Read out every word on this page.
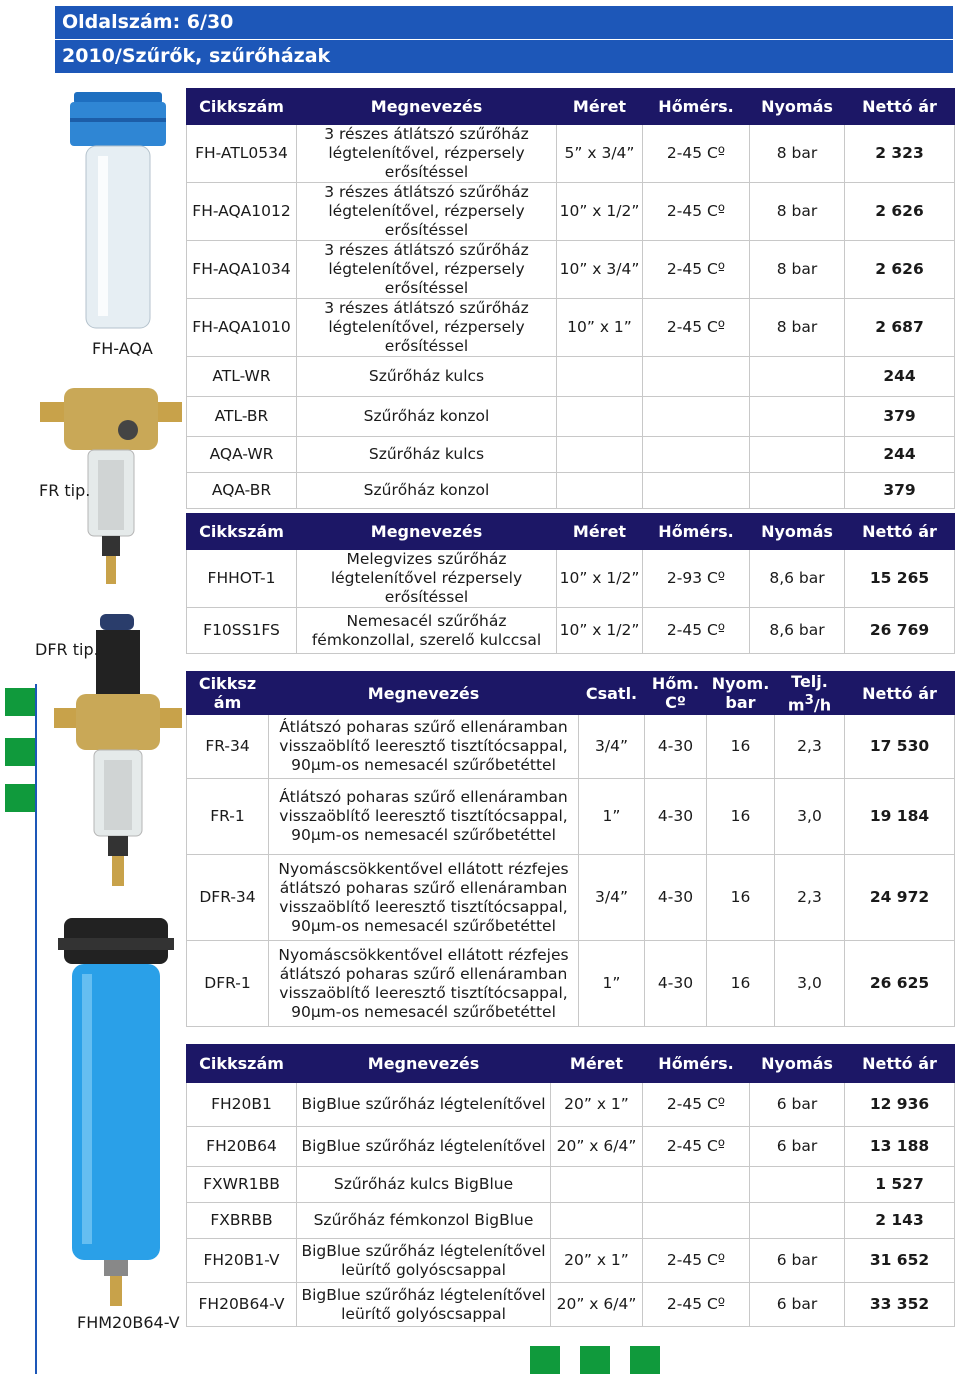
Oldalszám: 6/30
2010/Szűrők, szűrőházak
FH-AQA
FR tip.
DFR tip.
FHM20B64-V
Cikkszám	Megnevezés	Méret	Hőmérs.	Nyomás	Nettó ár
FH-ATL0534	3 részes átlátszó szűrőház légtelenítővel, rézpersely erősítéssel	5” x 3/4”	2-45 Cº	8 bar	2 323
FH-AQA1012	3 részes átlátszó szűrőház légtelenítővel, rézpersely erősítéssel	10” x 1/2”	2-45 Cº	8 bar	2 626
FH-AQA1034	3 részes átlátszó szűrőház légtelenítővel, rézpersely erősítéssel	10” x 3/4”	2-45 Cº	8 bar	2 626
FH-AQA1010	3 részes átlátszó szűrőház légtelenítővel, rézpersely erősítéssel	10” x 1”	2-45 Cº	8 bar	2 687
ATL-WR	Szűrőház kulcs				244
ATL-BR	Szűrőház konzol				379
AQA-WR	Szűrőház kulcs				244
AQA-BR	Szűrőház konzol				379
Cikkszám	Megnevezés	Méret	Hőmérs.	Nyomás	Nettó ár
FHHOT-1	Melegvizes szűrőház légtelenítővel rézpersely erősítéssel	10” x 1/2”	2-93 Cº	8,6 bar	15 265
F10SS1FS	Nemesacél szűrőház fémkonzollal, szerelő kulccsal	10” x 1/2”	2-45 Cº	8,6 bar	26 769
Cikksz ám	Megnevezés	Csatl.	Hőm. Cº	Nyom. bar	Telj. $m^3/h$	Nettó ár
FR-34	Átlátszó poharas szűrő ellenáramban visszaöblítő leeresztő tisztítócsappal, 90µm-os nemesacél szűrőbetéttel	3/4”	4-30	16	2,3	17 530
FR-1	Átlátszó poharas szűrő ellenáramban visszaöblítő leeresztő tisztítócsappal, 90µm-os nemesacél szűrőbetéttel	1”	4-30	16	3,0	19 184
DFR-34	Nyomáscsökkentővel ellátott rézfejes átlátszó poharas szűrő ellenáramban visszaöblítő leeresztő tisztítócsappal, 90µm-os nemesacél szűrőbetéttel	3/4”	4-30	16	2,3	24 972
DFR-1	Nyomáscsökkentővel ellátott rézfejes átlátszó poharas szűrő ellenáramban visszaöblítő leeresztő tisztítócsappal, 90µm-os nemesacél szűrőbetéttel	1”	4-30	16	3,0	26 625
Cikkszám	Megnevezés	Méret	Hőmérs.	Nyomás	Nettó ár
FH20B1	BigBlue szűrőház légtelenítővel	20” x 1”	2-45 Cº	6 bar	12 936
FH20B64	BigBlue szűrőház légtelenítővel	20” x 6/4”	2-45 Cº	6 bar	13 188
FXWR1BB	Szűrőház kulcs BigBlue				1 527
FXBRBB	Szűrőház fémkonzol BigBlue				2 143
FH20B1-V	BigBlue szűrőház légtelenítővel leürítő golyóscsappal	20” x 1”	2-45 Cº	6 bar	31 652
FH20B64-V	BigBlue szűrőház légtelenítővel leürítő golyóscsappal	20” x 6/4”	2-45 Cº	6 bar	33 352
